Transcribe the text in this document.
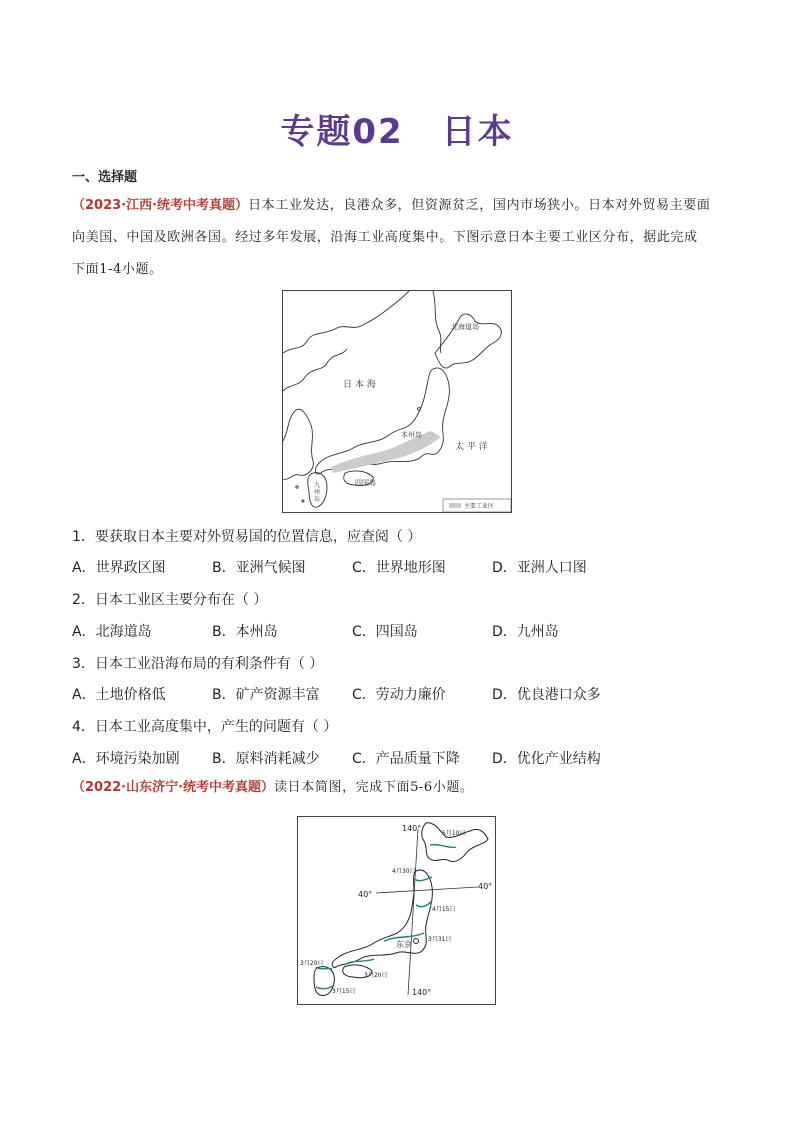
专题02 日本
一、选择题
（2023·江西·统考中考真题）日本工业发达，良港众多，但资源贫乏，国内市场狭小。日本对外贸易主要面
向美国、中国及欧洲各国。经过多年发展，沿海工业高度集中。下图示意日本主要工业区分布，据此完成
下面1-4小题。
日 本 海
北海道岛
本州岛
太 平 洋
四国岛
九州岛
主要工业区
1．要获取日本主要对外贸易国的位置信息，应查阅（ ）
A．世界政区图	B．亚洲气候图	C．世界地形图	D．亚洲人口图
2．日本工业区主要分布在（ ）
A．北海道岛	B．本州岛	C．四国岛	D．九州岛
3．日本工业沿海布局的有利条件有（ ）
A．土地价格低	B．矿产资源丰富 C．劳动力廉价	D．优良港口众多
4．日本工业高度集中，产生的问题有（ ）
A．环境污染加剧 B．原料消耗减少 C．产品质量下降 D．优化产业结构
（2022·山东济宁·统考中考真题）读日本简图，完成下面5-6小题。
140°
140°
40°
40°
东京
5月10日
4月30日
4月15日
3月31日
3月20日
3月20日
3月15日
